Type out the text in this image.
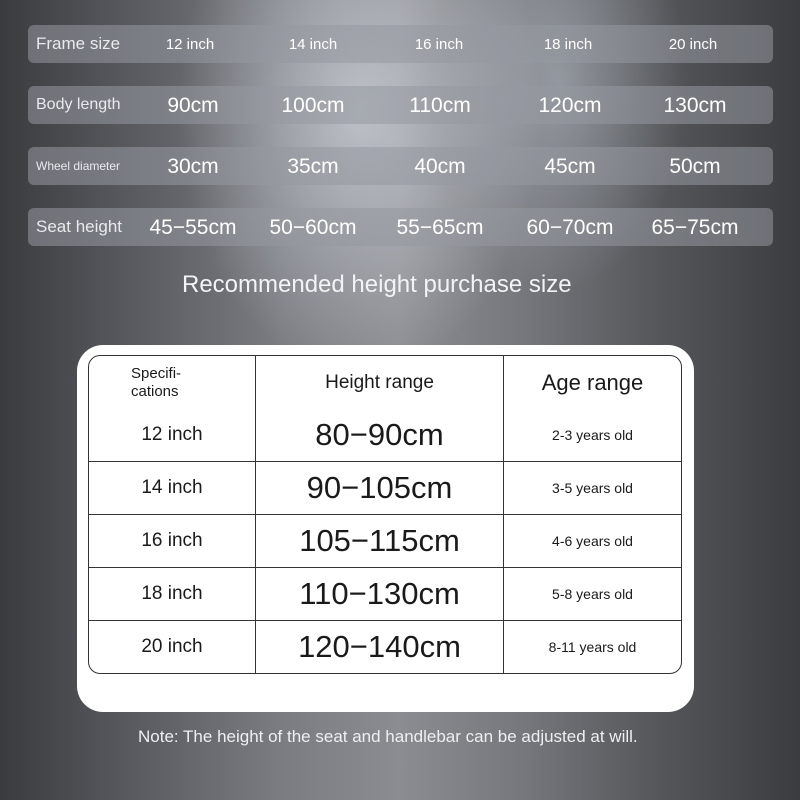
Frame size	12 inch	14 inch	16 inch	18 inch	20 inch
Body length	90cm	100cm	110cm	120cm	130cm
Wheel diameter	30cm	35cm	40cm	45cm	50cm
Seat height	45−55cm	50−60cm	55−65cm	60−70cm	65−75cm
Recommended height purchase size
Specifi-
cations	Height range	Age range
12 inch	80−90cm	2-3 years old
14 inch	90−105cm	3-5 years old
16 inch	105−115cm	4-6 years old
18 inch	110−130cm	5-8 years old
20 inch	120−140cm	8-11 years old
Note: The height of the seat and handlebar can be adjusted at will.
